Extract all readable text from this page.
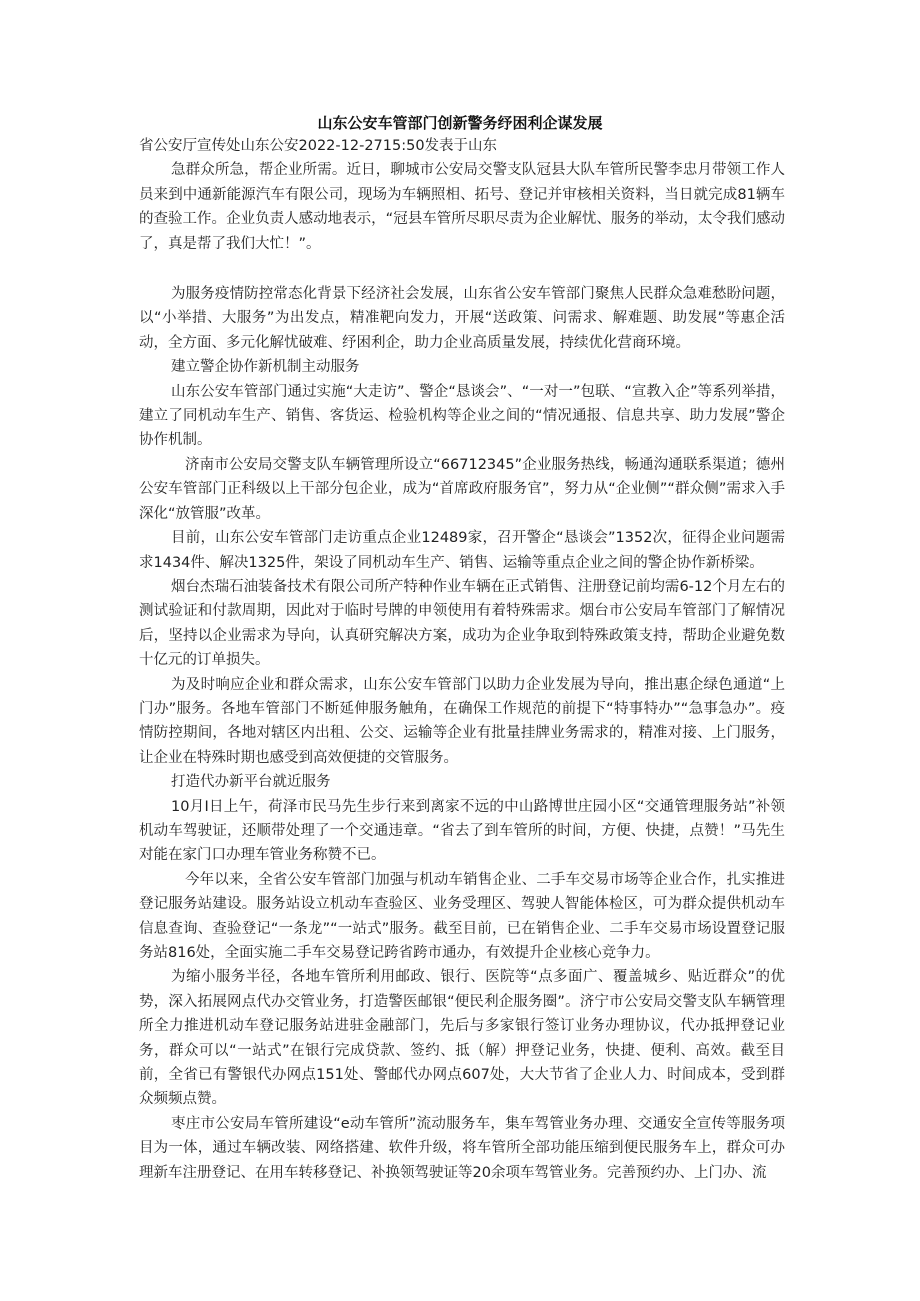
山东公安车管部门创新警务纾困利企谋发展

省公安厅宣传处山东公安2022-12-2715:50发表于山东

急群众所急，帮企业所需。近日，聊城市公安局交警支队冠县大队车管所民警李忠月带领工作人员来到中通新能源汽车有限公司，现场为车辆照相、拓号、登记并审核相关资料，当日就完成81辆车的查验工作。企业负责人感动地表示，“冠县车管所尽职尽责为企业解忧、服务的举动，太令我们感动了，真是帮了我们大忙！”。

为服务疫情防控常态化背景下经济社会发展，山东省公安车管部门聚焦人民群众急难愁盼问题，以“小举措、大服务”为出发点，精准靶向发力，开展“送政策、问需求、解难题、助发展”等惠企活动，全方面、多元化解忧破难、纾困利企，助力企业高质量发展，持续优化营商环境。

建立警企协作新机制主动服务

山东公安车管部门通过实施“大走访”、警企“恳谈会”、“一对一”包联、“宣教入企”等系列举措，建立了同机动车生产、销售、客货运、检验机构等企业之间的“情况通报、信息共享、助力发展”警企协作机制。

济南市公安局交警支队车辆管理所设立“66712345”企业服务热线，畅通沟通联系渠道；德州公安车管部门正科级以上干部分包企业，成为“首席政府服务官”，努力从“企业侧”“群众侧”需求入手深化“放管服”改革。

目前，山东公安车管部门走访重点企业12489家，召开警企“恳谈会”1352次，征得企业问题需求1434件、解决1325件，架设了同机动车生产、销售、运输等重点企业之间的警企协作新桥梁。

烟台杰瑞石油装备技术有限公司所产特种作业车辆在正式销售、注册登记前均需6-12个月左右的测试验证和付款周期，因此对于临时号牌的申领使用有着特殊需求。烟台市公安局车管部门了解情况后，坚持以企业需求为导向，认真研究解决方案，成功为企业争取到特殊政策支持，帮助企业避免数十亿元的订单损失。

为及时响应企业和群众需求，山东公安车管部门以助力企业发展为导向，推出惠企绿色通道“上门办”服务。各地车管部门不断延伸服务触角，在确保工作规范的前提下“特事特办”“急事急办”。疫情防控期间，各地对辖区内出租、公交、运输等企业有批量挂牌业务需求的，精准对接、上门服务，让企业在特殊时期也感受到高效便捷的交管服务。

打造代办新平台就近服务

10月I日上午，荷泽市民马先生步行来到离家不远的中山路博世庄园小区“交通管理服务站”补领机动车驾驶证，还顺带处理了一个交通违章。“省去了到车管所的时间，方便、快捷，点赞！”马先生对能在家门口办理车管业务称赞不已。

今年以来，全省公安车管部门加强与机动车销售企业、二手车交易市场等企业合作，扎实推进登记服务站建设。服务站设立机动车查验区、业务受理区、驾驶人智能体检区，可为群众提供机动车信息查询、查验登记“一条龙”“一站式”服务。截至目前，已在销售企业、二手车交易市场设置登记服务站816处，全面实施二手车交易登记跨省跨市通办，有效提升企业核心竞争力。

为缩小服务半径，各地车管所利用邮政、银行、医院等“点多面广、覆盖城乡、贴近群众”的优势，深入拓展网点代办交管业务，打造警医邮银“便民利企服务圈”。济宁市公安局交警支队车辆管理所全力推进机动车登记服务站进驻金融部门，先后与多家银行签订业务办理协议，代办抵押登记业务，群众可以“一站式”在银行完成贷款、签约、抵（解）押登记业务，快捷、便利、高效。截至目前，全省已有警银代办网点151处、警邮代办网点607处，大大节省了企业人力、时间成本，受到群众频频点赞。

枣庄市公安局车管所建设“e动车管所”流动服务车，集车驾管业务办理、交通安全宣传等服务项目为一体，通过车辆改装、网络搭建、软件升级，将车管所全部功能压缩到便民服务车上，群众可办理新车注册登记、在用车转移登记、补换领驾驶证等20余项车驾管业务。完善预约办、上门办、流
